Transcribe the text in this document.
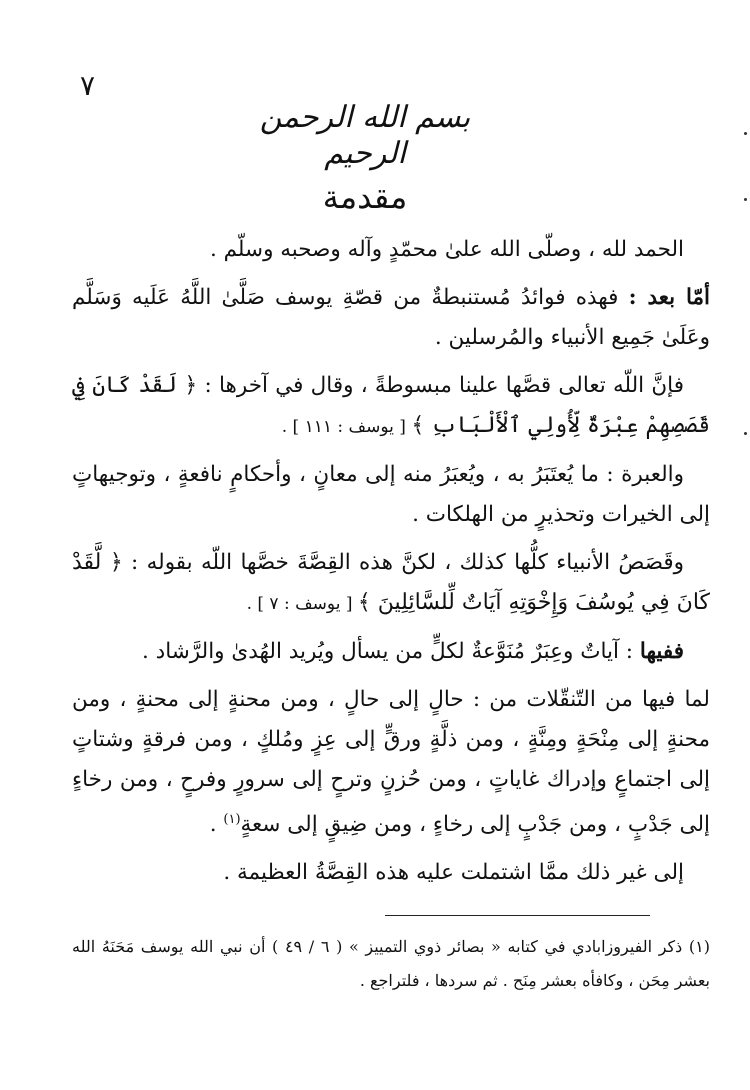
٧
بسم الله الرحمن الرحيم
مقدمة

الحمد لله ، وصلّى الله علىٰ محمّدٍ وآله وصحبه وسلّم .

أمّا بعد : فهذه فوائدُ مُستنبطةٌ من قصّةِ يوسف صَلَّىٰ اللَّهُ عَلَيه وَسَلَّم وعَلَىٰ جَمِيع الأنبياء والمُرسلين .

فإنَّ اللّه تعالى قصَّها علينا مبسوطةً ، وقال في آخرها : ﴿ لَقَدْ كَانَ فِي قَصَصِهِمْ عِبْرَةٌ لِّأُولِي ٱلْأَلْبَابِ ﴾ [ يوسف : ١١١ ] .

والعبرة : ما يُعتَبَرُ به ، ويُعبَرُ منه إلى معانٍ ، وأحكامٍ نافعةٍ ، وتوجيهاتٍ إلى الخيرات وتحذيرٍ من الهلكات .

وقَصَصُ الأنبياء كلُّها كذلك ، لكنَّ هذه القِصَّةَ خصَّها اللّه بقوله : ﴿ لَّقَدْ كَانَ فِي يُوسُفَ وَإِخْوَتِهِ آيَاتٌ لِّلسَّائِلِينَ ﴾ [ يوسف : ٧ ] .

ففيها : آياتٌ وعِبَرٌ مُنَوَّعةٌ لكلٍّ من يسأل ويُريد الهُدىٰ والرَّشاد .

لما فيها من التّنقّلات من : حالٍ إلى حالٍ ، ومن محنةٍ إلى محنةٍ ، ومن محنةٍ إلى مِنْحَةٍ ومِنَّةٍ ، ومن ذلَّةٍ ورقٍّ إلى عِزٍ ومُلكٍ ، ومن فرقةٍ وشتاتٍ إلى اجتماعٍ وإدراك غاياتٍ ، ومن حُزنٍ وترحٍ إلى سرورٍ وفرحٍ ، ومن رخاءٍ إلى جَدْبٍ ، ومن جَدْبٍ إلى رخاءٍ ، ومن ضِيقٍ إلى سعةٍ$^{(١)}$ .

إلى غير ذلك ممَّا اشتملت عليه هذه القِصَّةُ العظيمة .

(١) ذكر الفيروزابادي في كتابه « بصائر ذوي التمييز » ( ٦ / ٤٩ ) أن نبي الله يوسف مَحَنَهُ الله بعشر مِحَن ، وكافأه بعشر مِنَح . ثم سردها ، فلتراجع .
